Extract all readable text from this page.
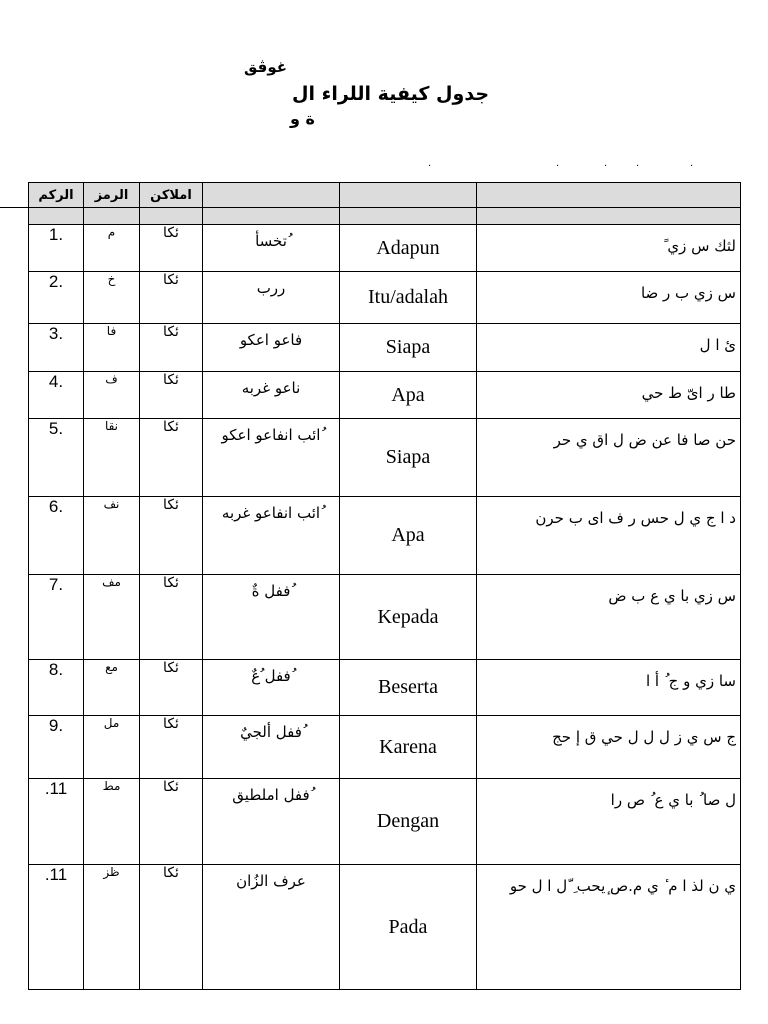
غوڤق
جدول كيفية اللراء ال
ة و
.	.	.	.	.
الركم	الرمز	املاكن			

1.	م	ئكا	ُتخسأ	Adapun	لثك س زي ً
2.	خ	ئكا	ررب	Itu/adalah	س زي ب ر ضا
3.	فا	ئكا	فاعو اعكو	Siapa	ئ ا ل
4.	ف	ئكا	ناعو غربه	Apa	طا ر اىّ ط حي
5.	نقا	ئكا	ُائب انفاعو اعكو	Siapa	حن صا فا عن ض ل اق ي حر
6.	نف	ئكا	ُائب انفاعو غربه	Apa	د ا ج ي ل حس ر ف اى ب حرن
7.	مف	ئكا	ُففل ةٌ	Kepada	س زي با ي ع ب ض
8.	مع	ئكا	ُففل ُعٌ	Beserta	سا زي و ج ُ أ ا
9.	مل	ئكا	ُففل ألجيٌ	Karena	ج س ي ز ل ل ل حي ق إ حج
.11	مط	ئكا	ُففل املطيق	Dengan	ل صا ُ با ي ع ُ ص را
.11	ظز	ئكا	عرف الزُان	Pada	ي ن لذ ا م ٔ ي م.ص ٕيحب ِ ّل ا ل حو
